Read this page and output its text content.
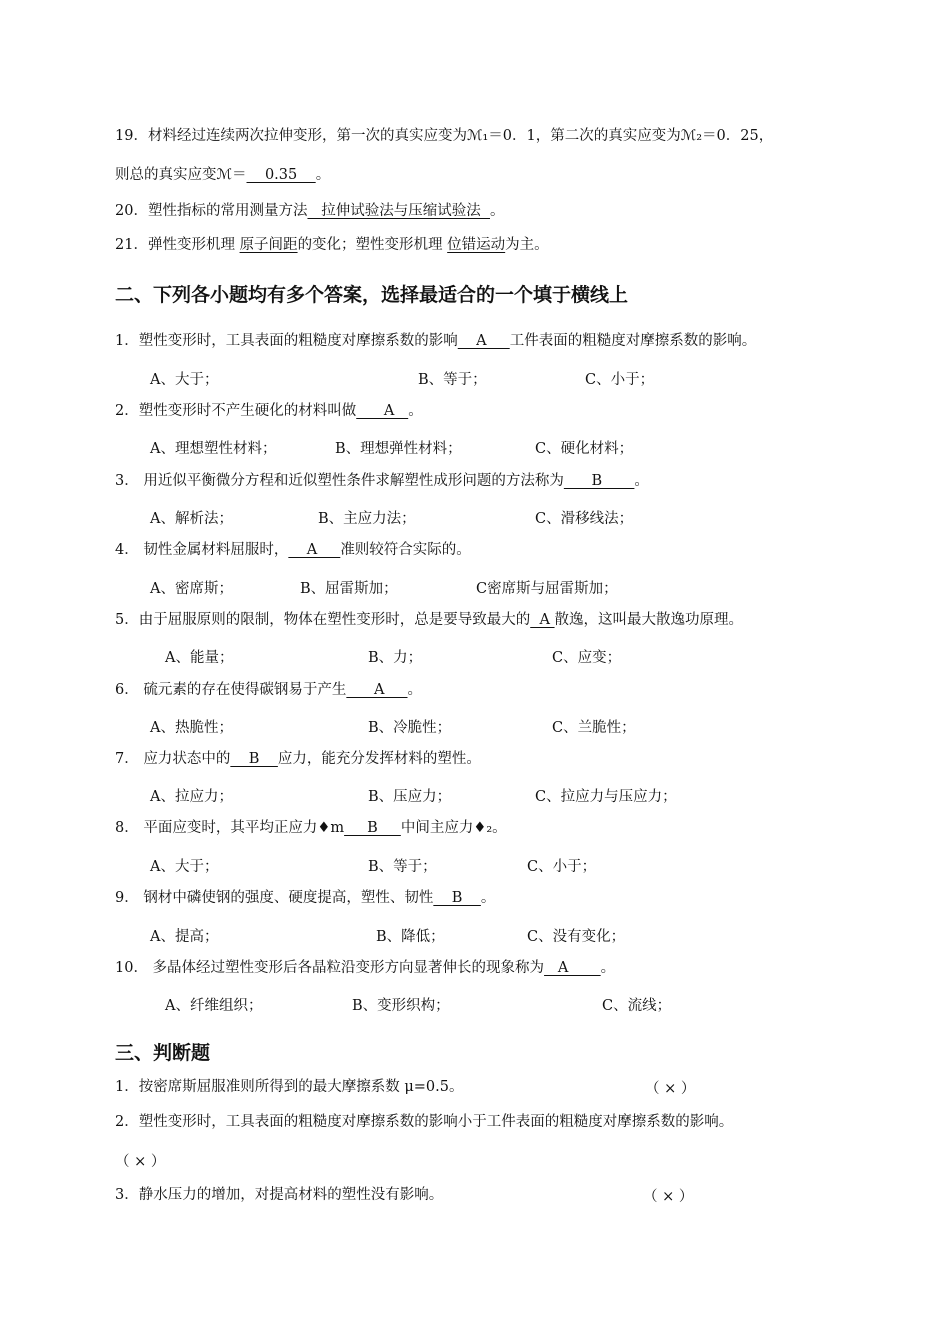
19．材料经过连续两次拉伸变形，第一次的真实应变为ℳ₁＝0．1，第二次的真实应变为ℳ₂＝0．25，
则总的真实应变ℳ＝    0.35    。
20．塑性指标的常用测量方法   拉伸试验法与压缩试验法  。
21．弹性变形机理 原子间距的变化；塑性变形机理 位错运动为主。
二、下列各小题均有多个答案，选择最适合的一个填于横线上
1．塑性变形时，工具表面的粗糙度对摩擦系数的影响    A     工件表面的粗糙度对摩擦系数的影响。
A、大于；	B、等于；	C、小于；
2．塑性变形时不产生硬化的材料叫做      A   。
A、理想塑性材料；	B、理想弹性材料；	C、硬化材料；
3． 用近似平衡微分方程和近似塑性条件求解塑性成形问题的方法称为      B       。
A、解析法；	B、主应力法；	C、滑移线法；
4． 韧性金属材料屈服时，    A     准则较符合实际的。
A、密席斯；	B、屈雷斯加；	C密席斯与屈雷斯加；
5．由于屈服原则的限制，物体在塑性变形时，总是要导致最大的  A 散逸，这叫最大散逸功原理。
A、能量；	B、力；	C、应变；
6． 硫元素的存在使得碳钢易于产生      A     。
A、热脆性；	B、冷脆性；	C、兰脆性；
7． 应力状态中的    B    应力，能充分发挥材料的塑性。
A、拉应力；	B、压应力；	C、拉应力与压应力；
8． 平面应变时，其平均正应力♦m     B     中间主应力♦₂。
A、大于；	B、等于；	C、小于；
9． 钢材中磷使钢的强度、硬度提高，塑性、韧性    B    。
A、提高；	B、降低；	C、没有变化；
10． 多晶体经过塑性变形后各晶粒沿变形方向显著伸长的现象称为   A       。
A、纤维组织；	B、变形织构；	C、流线；
三、判断题
1．按密席斯屈服准则所得到的最大摩擦系数 μ=0.5。	（ × ）
2．塑性变形时，工具表面的粗糙度对摩擦系数的影响小于工件表面的粗糙度对摩擦系数的影响。
（ × ）
3．静水压力的增加，对提高材料的塑性没有影响。	（ × ）
